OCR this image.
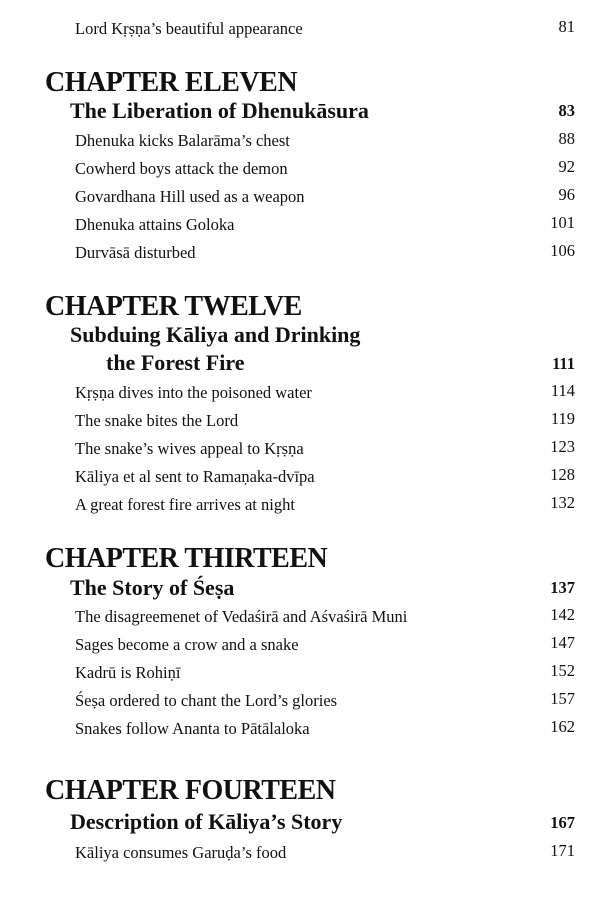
Lord Kṛṣṇa’s beautiful appearance	81
CHAPTER ELEVEN
The Liberation of Dhenukāsura	83
Dhenuka kicks Balarāma’s chest	88
Cowherd boys attack the demon	92
Govardhana Hill used as a weapon	96
Dhenuka attains Goloka	101
Durvāsā disturbed	106
CHAPTER TWELVE
Subduing Kāliya and Drinking
the Forest Fire	111
Kṛṣṇa dives into the poisoned water	114
The snake bites the Lord	119
The snake’s wives appeal to Kṛṣṇa	123
Kāliya et al sent to Ramaṇaka-dvīpa	128
A great forest fire arrives at night	132
CHAPTER THIRTEEN
The Story of Śeṣa	137
The disagreemenet of Vedaśirā and Aśvaśirā Muni	142
Sages become a crow and a snake	147
Kadrū is Rohiṇī	152
Śeṣa ordered to chant the Lord’s glories	157
Snakes follow Ananta to Pātālaloka	162
CHAPTER FOURTEEN
Description of Kāliya’s Story	167
Kāliya consumes Garuḍa’s food	171
